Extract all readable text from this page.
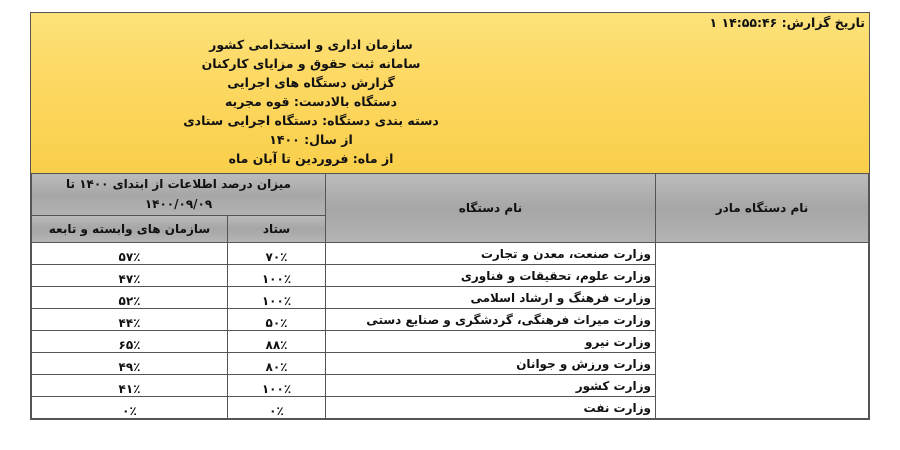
تاریخ گزارش: ۱۴:۵۵:۴۶ ۱
سازمان اداری و استخدامی کشور
سامانه ثبت حقوق و مزایای کارکنان
گزارش دستگاه های اجرایی
دستگاه بالادست: قوه مجریه
دسته بندی دستگاه: دستگاه اجرایی ستادی
از سال: ۱۴۰۰
از ماه: فروردین تا آبان ماه
نام دستگاه مادر	نام دستگاه	میزان درصد اطلاعات از ابتدای ۱۴۰۰ تا ۱۴۰۰/۰۹/۰۹	
		ستاد	سازمان های وابسته و تابعه
	وزارت صنعت، معدن و تجارت	۷۰٪	۵۷٪
	وزارت علوم، تحقیقات و فناوری	۱۰۰٪	۴۷٪
	وزارت فرهنگ و ارشاد اسلامی	۱۰۰٪	۵۲٪
	وزارت میراث فرهنگی، گردشگری و صنایع دستی	۵۰٪	۴۴٪
	وزارت نیرو	۸۸٪	۶۵٪
	وزارت ورزش و جوانان	۸۰٪	۴۹٪
	وزارت کشور	۱۰۰٪	۴۱٪
	وزارت نفت	۰٪	۰٪
